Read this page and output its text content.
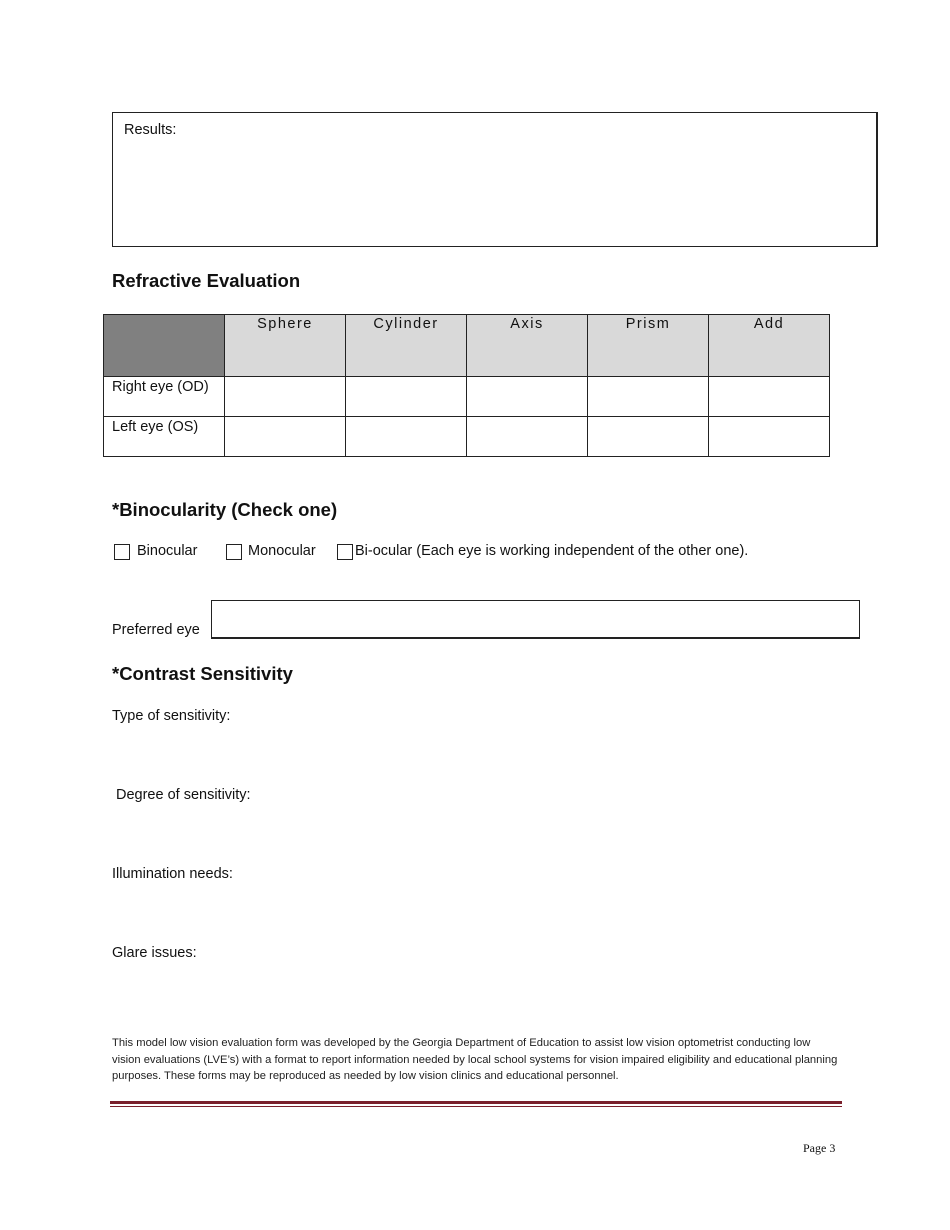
Results:
Refractive Evaluation
	Sphere	Cylinder	Axis	Prism	Add
Right eye (OD)					
Left eye (OS)					
*Binocularity (Check one)
Binocular	Monocular	Bi-ocular (Each eye is working independent of the other one).
Preferred eye
*Contrast Sensitivity
Type of sensitivity:
Degree of sensitivity:
Illumination needs:
Glare issues:
This model low vision evaluation form was developed by the Georgia Department of Education to assist low vision optometrist conducting low vision evaluations (LVE’s) with a format to report information needed by local school systems for vision impaired eligibility and educational planning purposes. These forms may be reproduced as needed by low vision clinics and educational personnel.
Page 3
